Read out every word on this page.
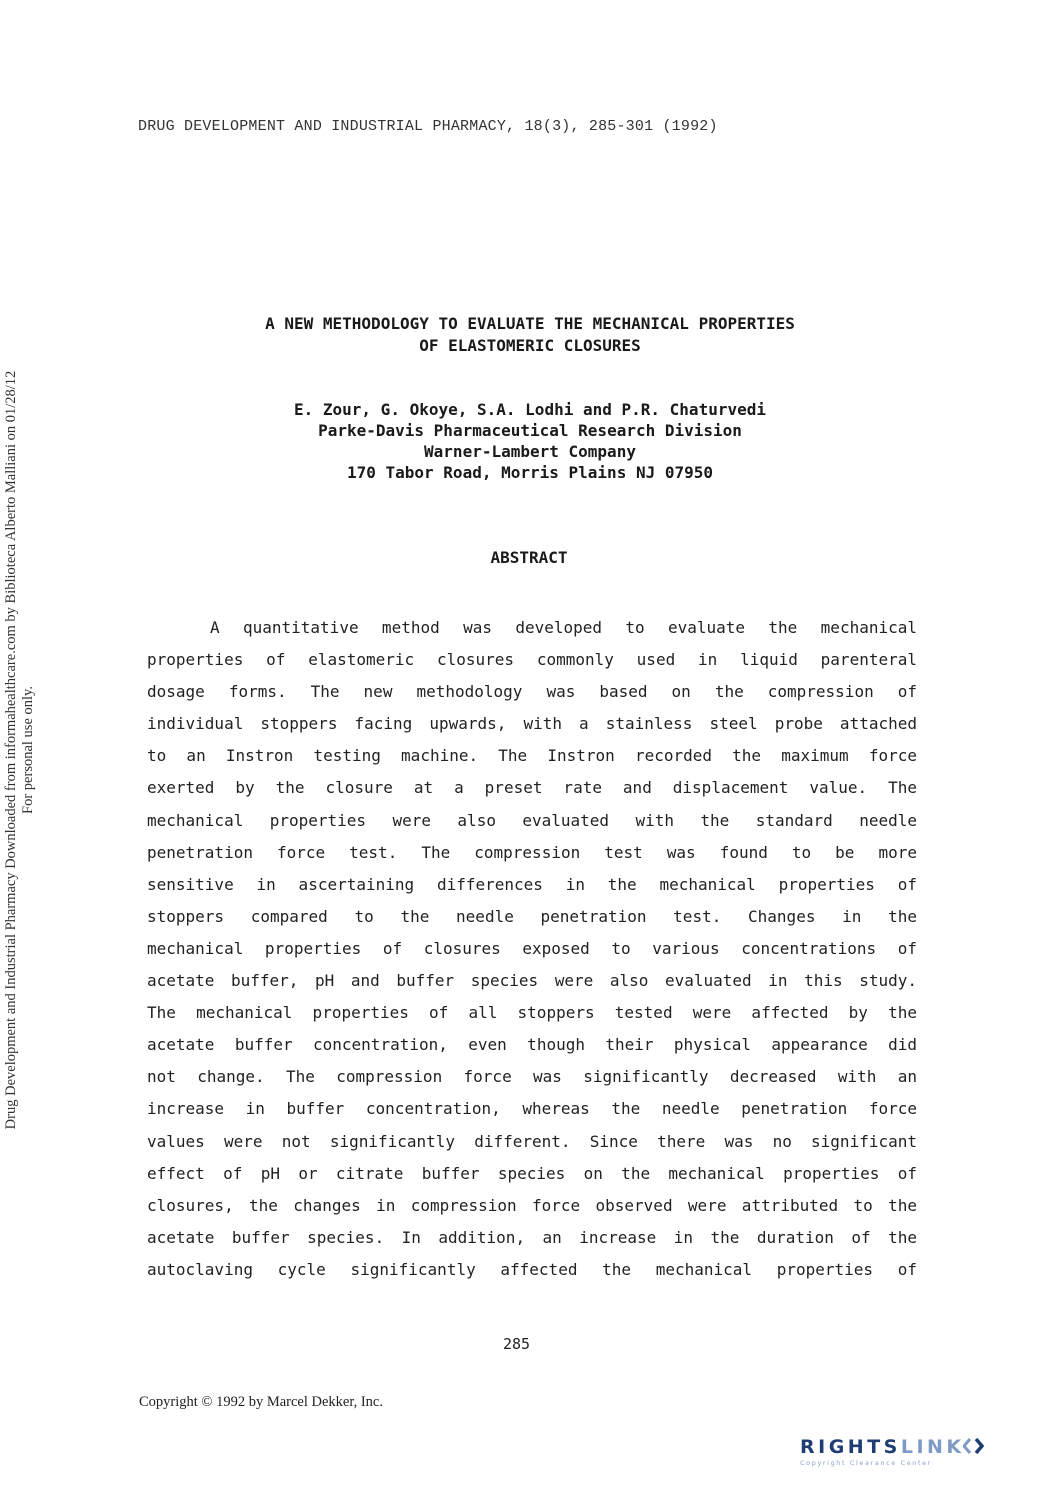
DRUG DEVELOPMENT AND INDUSTRIAL PHARMACY, 18(3), 285-301 (1992)
Drug Development and Industrial Pharmacy Downloaded from informahealthcare.com by Biblioteca Alberto Malliani on 01/28/12 For personal use only.
A NEW METHODOLOGY TO EVALUATE THE MECHANICAL PROPERTIES
OF ELASTOMERIC CLOSURES
E. Zour, G. Okoye, S.A. Lodhi and P.R. Chaturvedi
Parke-Davis Pharmaceutical Research Division
Warner-Lambert Company
170 Tabor Road, Morris Plains NJ 07950
ABSTRACT
A quantitative method was developed to evaluate the mechanical
properties of elastomeric closures commonly used in liquid parenteral
dosage forms. The new methodology was based on the compression of
individual stoppers facing upwards, with a stainless steel probe attached
to an Instron testing machine. The Instron recorded the maximum force
exerted by the closure at a preset rate and displacement value. The
mechanical properties were also evaluated with the standard needle
penetration force test. The compression test was found to be more
sensitive in ascertaining differences in the mechanical properties of
stoppers compared to the needle penetration test. Changes in the
mechanical properties of closures exposed to various concentrations of
acetate buffer, pH and buffer species were also evaluated in this study.
The mechanical properties of all stoppers tested were affected by the
acetate buffer concentration, even though their physical appearance did
not change. The compression force was significantly decreased with an
increase in buffer concentration, whereas the needle penetration force
values were not significantly different. Since there was no significant
effect of pH or citrate buffer species on the mechanical properties of
closures, the changes in compression force observed were attributed to the
acetate buffer species. In addition, an increase in the duration of the
autoclaving cycle significantly affected the mechanical properties of
285
Copyright © 1992 by Marcel Dekker, Inc.
RIGHTSLINK
Copyright Clearance Center
